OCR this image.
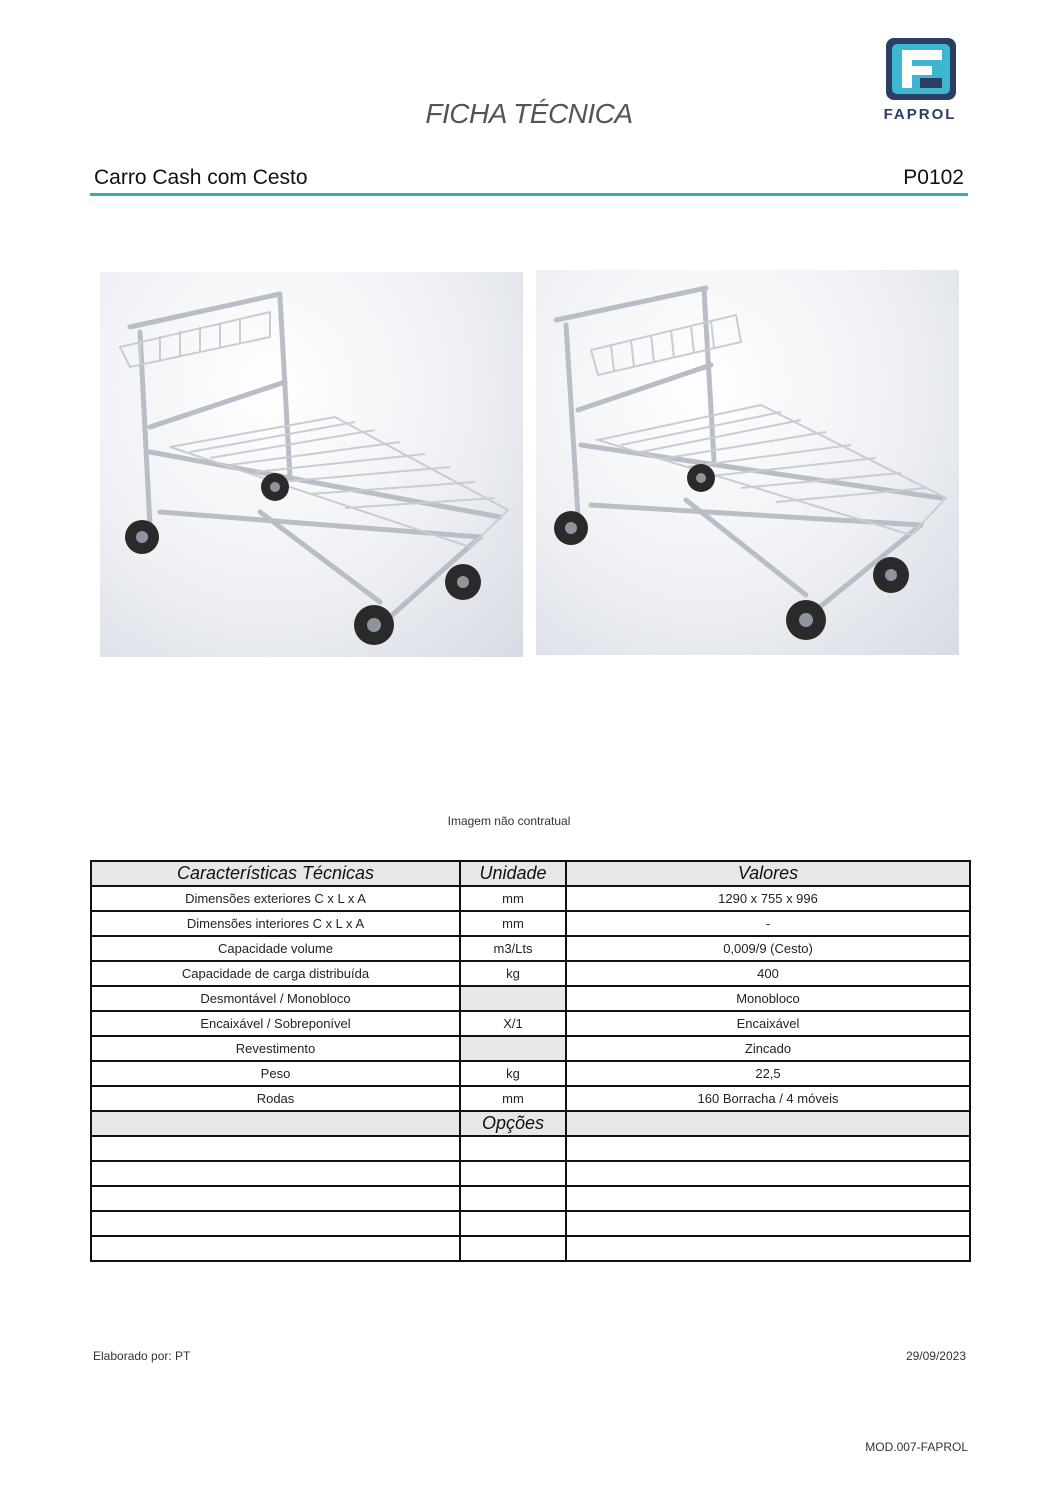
FICHA TÉCNICA	FAPROL
Carro Cash com Cesto	P0102
Imagem não contratual
Características Técnicas	Unidade	Valores
Dimensões exteriores C x L x A	mm	1290 x 755 x 996
Dimensões interiores C x L x A	mm	-
Capacidade volume	m3/Lts	0,009/9 (Cesto)
Capacidade de carga distribuída	kg	400
Desmontável / Monobloco		Monobloco
Encaixável / Sobreponível	X/1	Encaixável
Revestimento		Zincado
Peso	kg	22,5
Rodas	mm	160 Borracha / 4 móveis
	Opções	

Elaborado por: PT	29/09/2023
MOD.007-FAPROL
